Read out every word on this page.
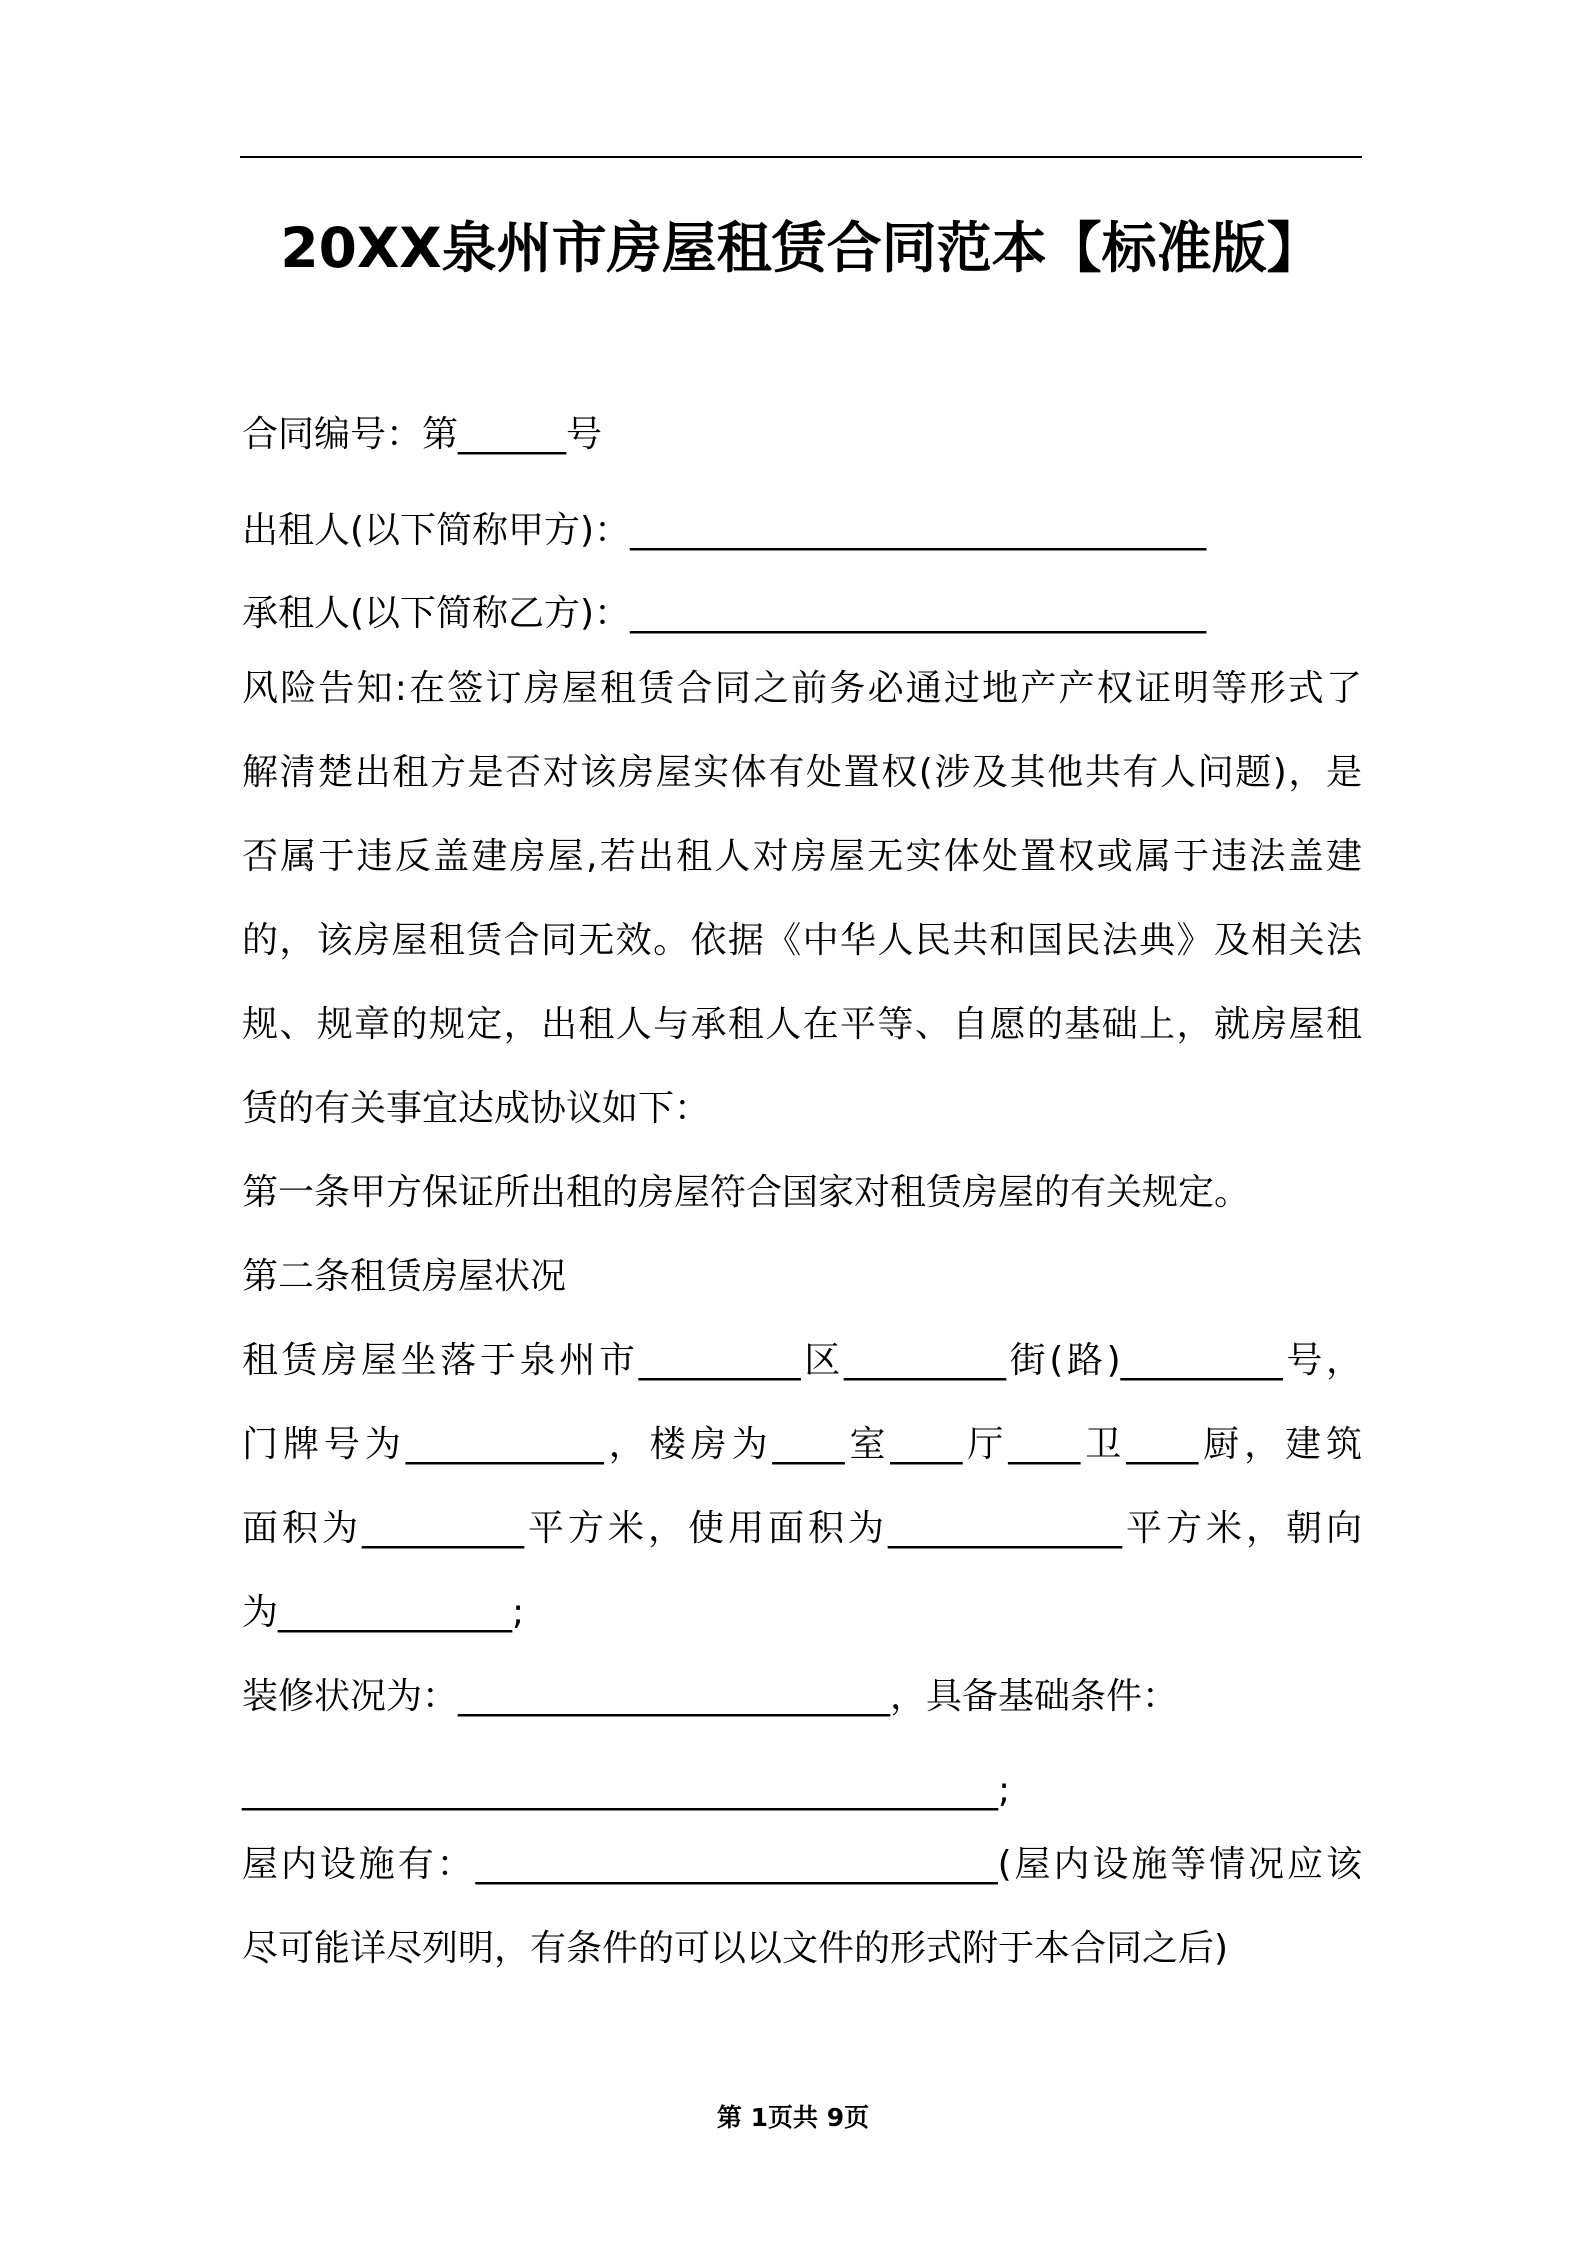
20XX泉州市房屋租赁合同范本【标准版】
合同编号：第______号
出租人(以下简称甲方)：________________________________
承租人(以下简称乙方)：________________________________
风险告知:在签订房屋租赁合同之前务必通过地产产权证明等形式了
解清楚出租方是否对该房屋实体有处置权(涉及其他共有人问题)，是
否属于违反盖建房屋,若出租人对房屋无实体处置权或属于违法盖建
的，该房屋租赁合同无效。依据《中华人民共和国民法典》及相关法
规、规章的规定，出租人与承租人在平等、自愿的基础上，就房屋租
赁的有关事宜达成协议如下：
第一条甲方保证所出租的房屋符合国家对租赁房屋的有关规定。
第二条租赁房屋状况
租赁房屋坐落于泉州市_________区_________街(路)_________号，
门牌号为___________，楼房为____室____厅____卫____厨，建筑
面积为_________平方米，使用面积为_____________平方米，朝向
为_____________;
装修状况为：________________________，具备基础条件：
__________________________________________;
屋内设施有：_____________________________(屋内设施等情况应该
尽可能详尽列明，有条件的可以以文件的形式附于本合同之后)
第 1页共 9页
